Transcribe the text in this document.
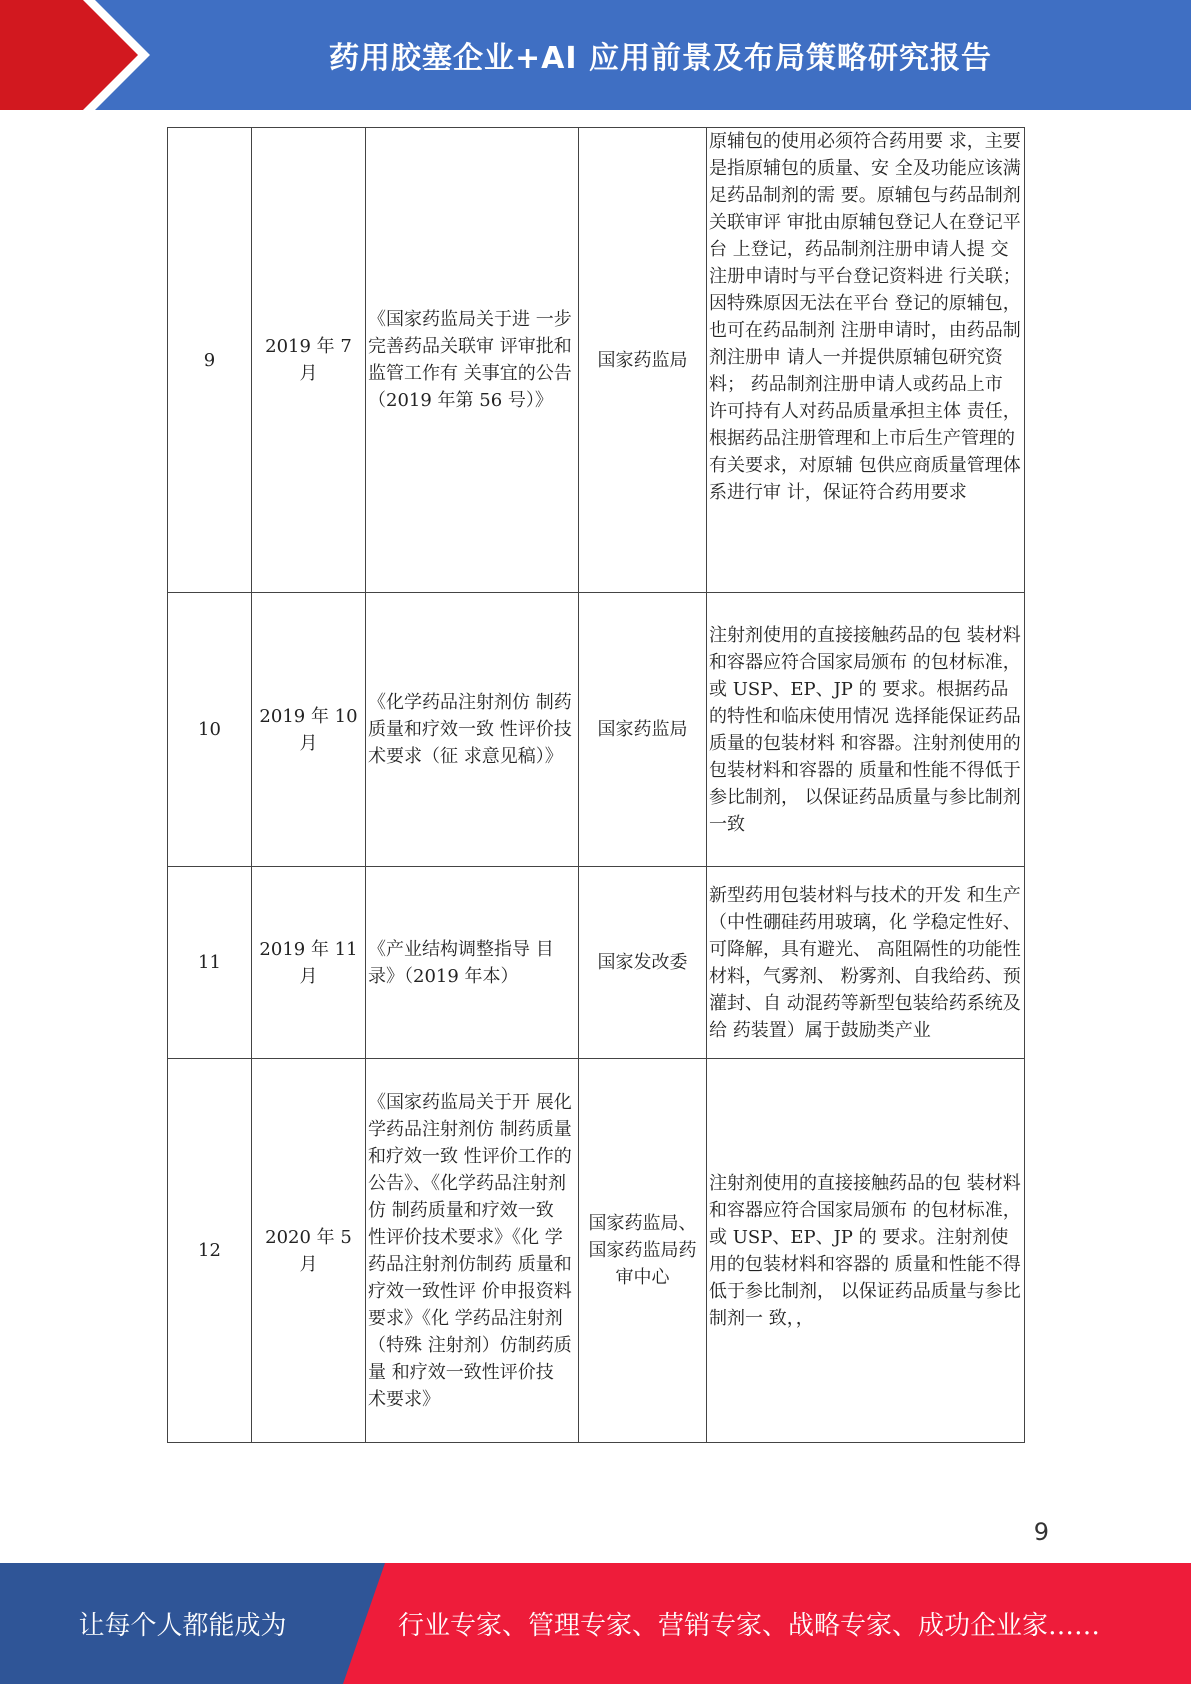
药用胶塞企业+AI 应用前景及布局策略研究报告
9	2019 年 7 月	《国家药监局关于进 一步完善药品关联审 评审批和监管工作有 关事宜的公告（2019 年第 56 号）》	国家药监局	原辅包的使用必须符合药用要 求，主要是指原辅包的质量、安 全及功能应该满足药品制剂的需 要。原辅包与药品制剂关联审评 审批由原辅包登记人在登记平台 上登记，药品制剂注册申请人提 交注册申请时与平台登记资料进 行关联；因特殊原因无法在平台 登记的原辅包，也可在药品制剂 注册申请时，由药品制剂注册申 请人一并提供原辅包研究资料； 药品制剂注册申请人或药品上市 许可持有人对药品质量承担主体 责任，根据药品注册管理和上市后生产管理的有关要求，对原辅 包供应商质量管理体系进行审 计，保证符合药用要求
10	2019 年 10 月	《化学药品注射剂仿 制药质量和疗效一致 性评价技术要求（征 求意见稿）》	国家药监局	注射剂使用的直接接触药品的包 装材料和容器应符合国家局颁布 的包材标准，或 USP、EP、JP 的 要求。根据药品的特性和临床使用情况 选择能保证药品质量的包装材料 和容器。注射剂使用的包装材料和容器的 质量和性能不得低于参比制剂， 以保证药品质量与参比制剂一致
11	2019 年 11 月	《产业结构调整指导 目录》（2019 年本）	国家发改委	新型药用包装材料与技术的开发 和生产（中性硼硅药用玻璃，化 学稳定性好、可降解，具有避光、 高阻隔性的功能性材料，气雾剂、 粉雾剂、自我给药、预灌封、自 动混药等新型包装给药系统及给 药装置）属于鼓励类产业
12	2020 年 5 月	《国家药监局关于开 展化学药品注射剂仿 制药质量和疗效一致 性评价工作的公告》、《化学药品注射剂仿 制药质量和疗效一致 性评价技术要求》《化 学药品注射剂仿制药 质量和疗效一致性评 价申报资料要求》《化 学药品注射剂（特殊 注射剂）仿制药质量 和疗效一致性评价技 术要求》	国家药监局、国家药监局药审中心	注射剂使用的直接接触药品的包 装材料和容器应符合国家局颁布 的包材标准，或 USP、EP、JP 的 要求。注射剂使用的包装材料和容器的 质量和性能不得低于参比制剂， 以保证药品质量与参比制剂一 致，，
9
让每个人都能成为	行业专家、管理专家、营销专家、战略专家、成功企业家……
